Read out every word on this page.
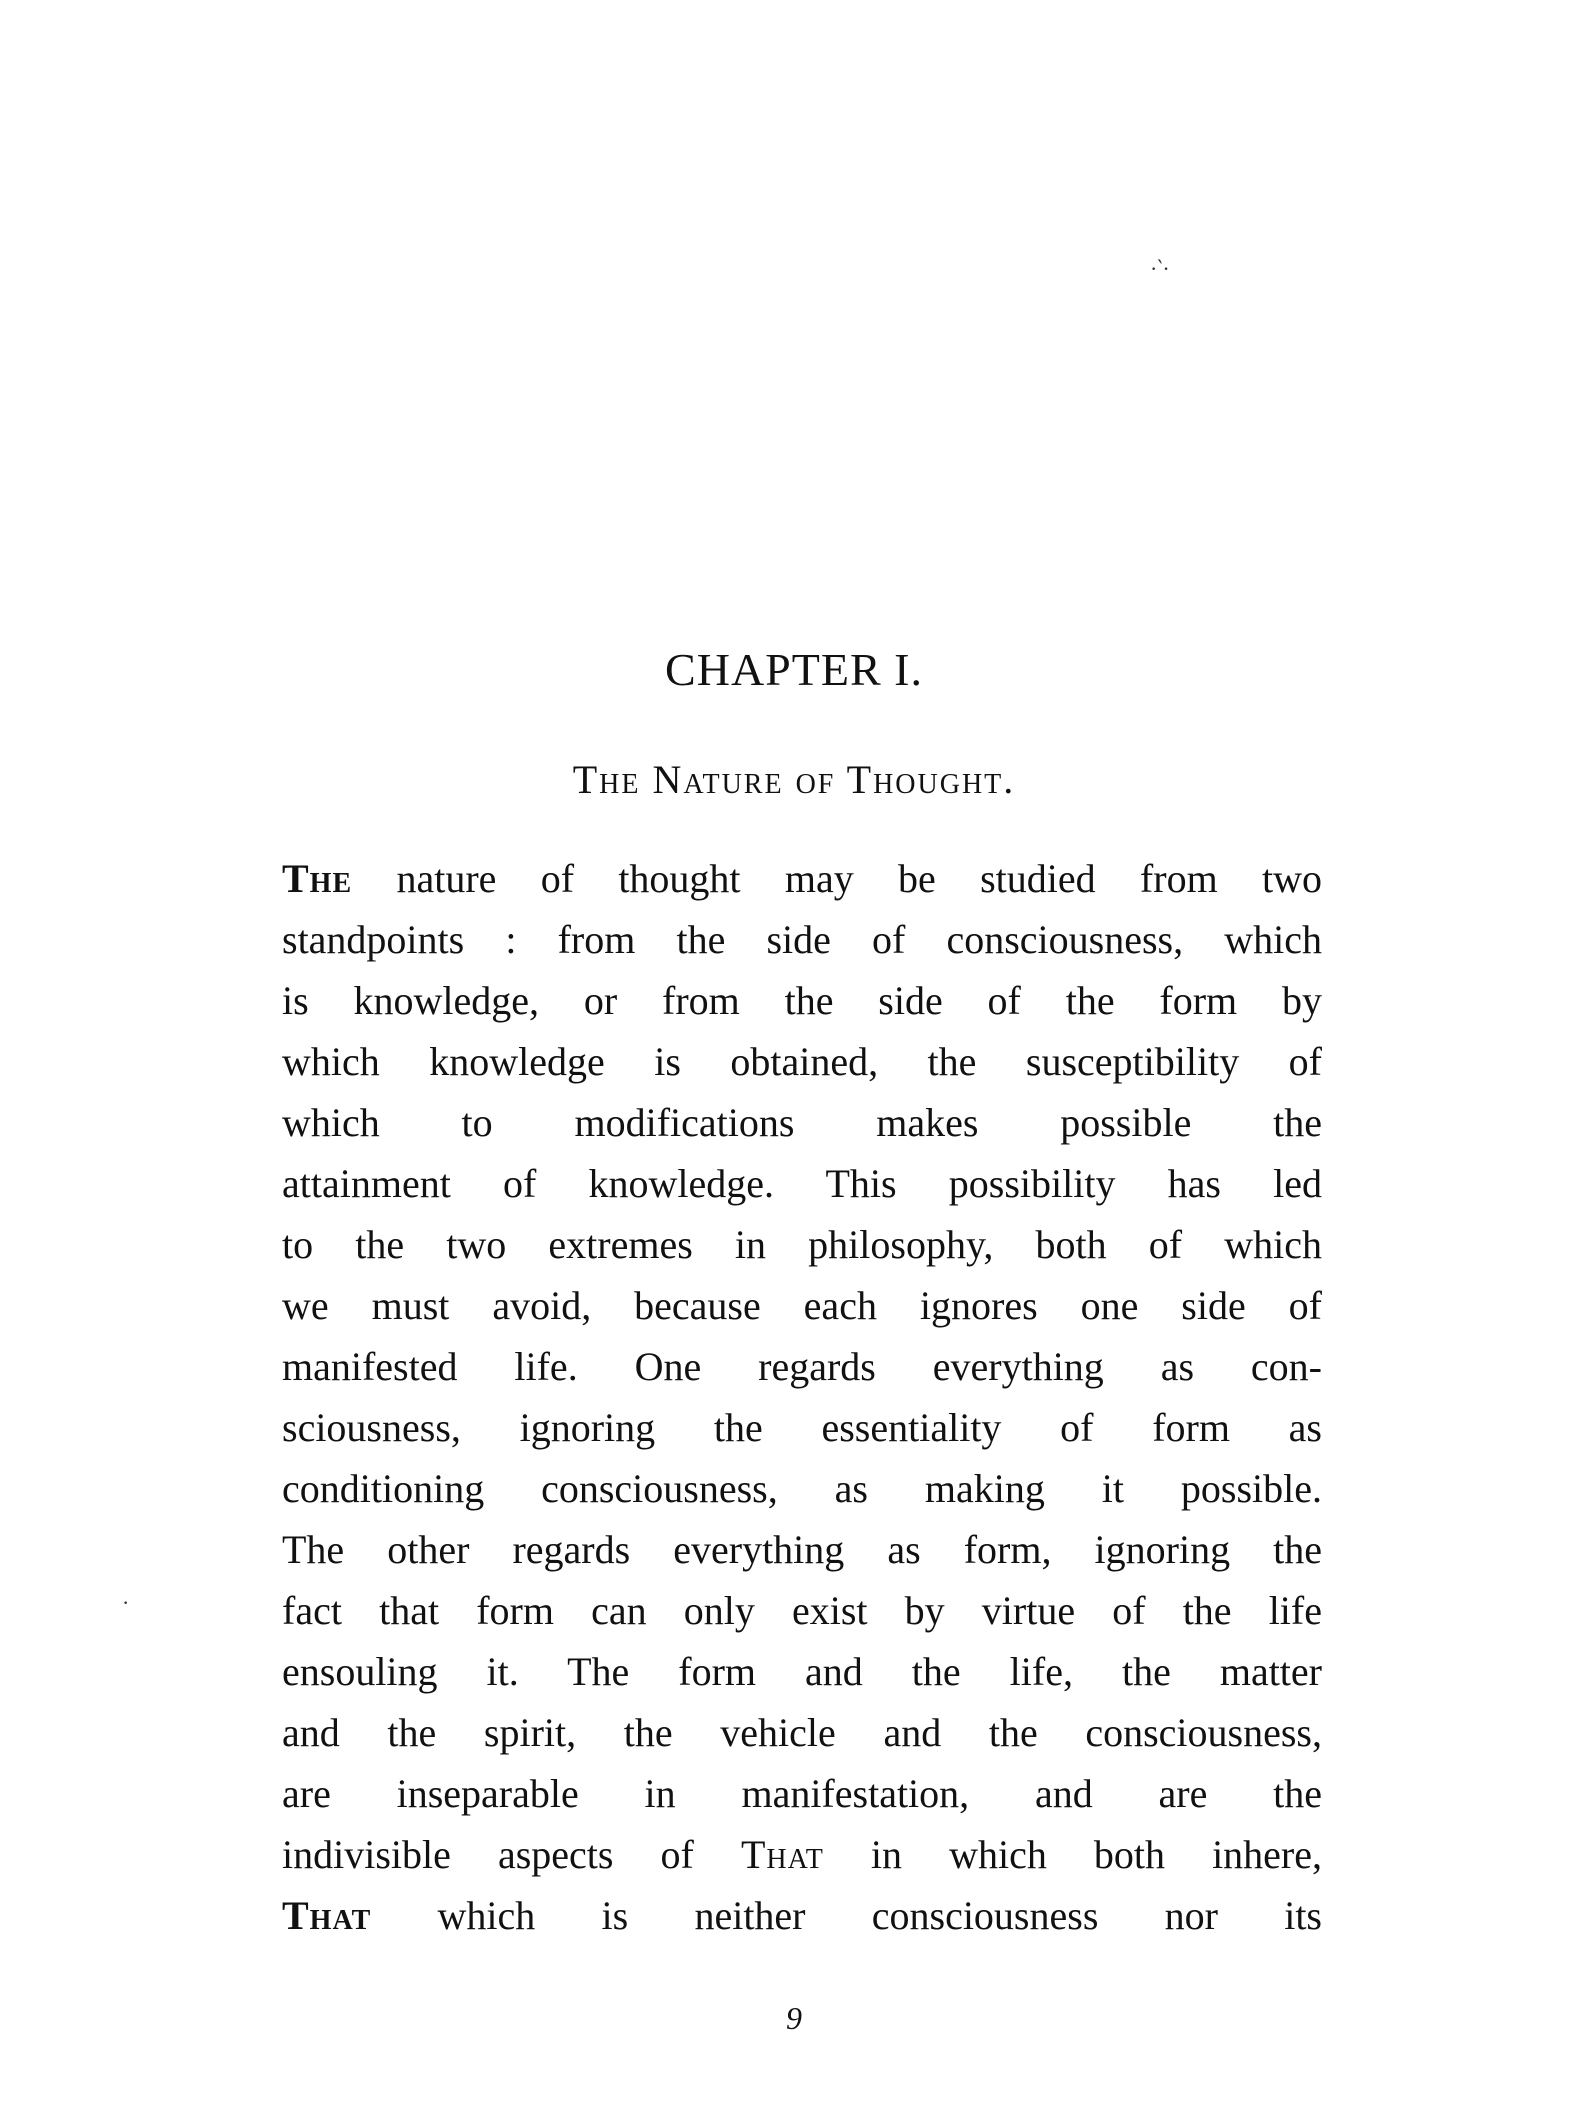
·‵·
·
CHAPTER I.
The Nature of Thought.
The nature of thought may be studied from two
standpoints : from the side of consciousness, which
is knowledge, or from the side of the form by
which knowledge is obtained, the susceptibility of
which to modifications makes possible the
attainment of knowledge. This possibility has led
to the two extremes in philosophy, both of which
we must avoid, because each ignores one side of
manifested life. One regards everything as con-
sciousness, ignoring the essentiality of form as
conditioning consciousness, as making it possible.
The other regards everything as form, ignoring the
fact that form can only exist by virtue of the life
ensouling it. The form and the life, the matter
and the spirit, the vehicle and the consciousness,
are inseparable in manifestation, and are the
indivisible aspects of That in which both inhere,
That which is neither consciousness nor its
9
